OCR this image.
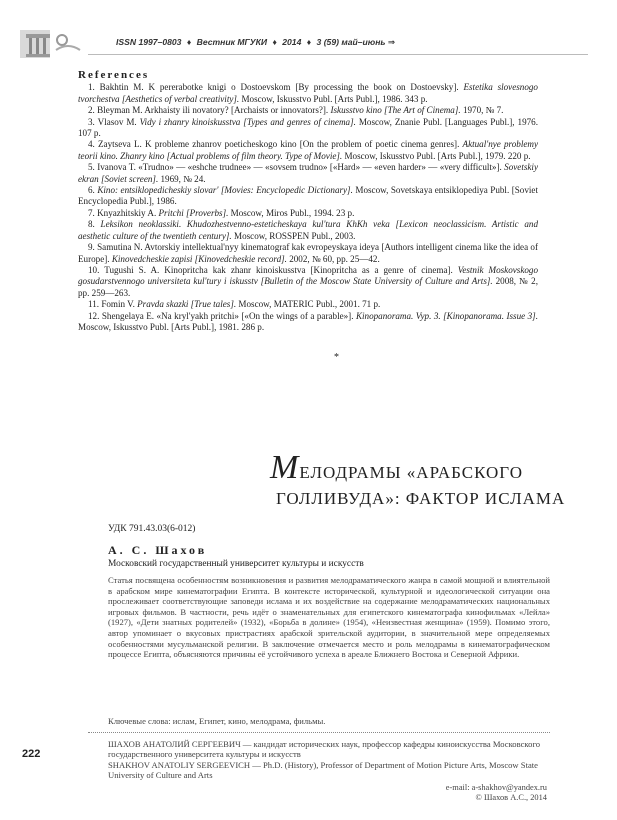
ISSN 1997–0803 ♦ Вестник МГУКИ ♦ 2014 ♦ 3 (59) май–июнь ⇒
References
1. Bakhtin M. K pererabotke knigi o Dostoevskom [By processing the book on Dostoevsky]. Estetika slovesnogo tvorchestva [Aesthetics of verbal creativity]. Moscow, Iskusstvo Publ. [Arts Publ.], 1986. 343 p.
2. Bleyman M. Arkhaisty ili novatory? [Archaists or innovators?]. Iskusstvo kino [The Art of Cinema]. 1970, № 7.
3. Vlasov M. Vidy i zhanry kinoiskusstva [Types and genres of cinema]. Moscow, Znanie Publ. [Languages Publ.], 1976. 107 p.
4. Zaytseva L. K probleme zhanrov poeticheskogo kino [On the problem of poetic cinema genres]. Aktual'nye problemy teorii kino. Zhanry kino [Actual problems of film theory. Type of Movie]. Moscow, Iskusstvo Publ. [Arts Publ.], 1979. 220 p.
5. Ivanova T. «Trudno» — «eshche trudnee» — «sovsem trudno» [«Hard» — «even harder» — «very difficult»]. Sovetskiy ekran [Soviet screen]. 1969, № 24.
6. Kino: entsiklopedicheskiy slovar' [Movies: Encyclopedic Dictionary]. Moscow, Sovetskaya entsiklopediya Publ. [Soviet Encyclopedia Publ.], 1986.
7. Knyazhitskiy A. Pritchi [Proverbs]. Moscow, Miros Publ., 1994. 23 p.
8. Leksikon neoklassiki. Khudozhestvenno-esteticheskaya kul'tura KhKh veka [Lexicon neoclassicism. Artistic and aesthetic culture of the twentieth century]. Moscow, ROSSPEN Publ., 2003.
9. Samutina N. Avtorskiy intellektual'nyy kinematograf kak evropeyskaya ideya [Authors intelligent cinema like the idea of Europe]. Kinovedcheskie zapisi [Kinovedcheskie record]. 2002, № 60, pp. 25—42.
10. Tugushi S. A. Kinopritcha kak zhanr kinoiskusstva [Kinopritcha as a genre of cinema]. Vestnik Moskovskogo gosudarstvennogo universiteta kul'tury i iskusstv [Bulletin of the Moscow State University of Culture and Arts]. 2008, № 2, pp. 259—263.
11. Fomin V. Pravda skazki [True tales]. Moscow, MATERIC Publ., 2001. 71 p.
12. Shengelaya E. «Na kryl'yakh pritchi» [«On the wings of a parable»]. Kinopanorama. Vyp. 3. [Kinopanorama. Issue 3]. Moscow, Iskusstvo Publ. [Arts Publ.], 1981. 286 p.
*
МЕЛОДРАМЫ «АРАБСКОГО
ГОЛЛИВУДА»: ФАКТОР ИСЛАМА
УДК 791.43.03(6-012)
А. С. Шахов
Московский государственный университет культуры и искусств
Статья посвящена особенностям возникновения и развития мелодраматического жанра в самой мощной и влиятельной в арабском мире кинематографии Египта. В контексте исторической, культурной и идеологической ситуации она прослеживает соответствующие заповеди ислама и их воздействие на содержание мелодраматических национальных игровых фильмов. В частности, речь идёт о знаменательных для египетского кинематографа кинофильмах «Лейла» (1927), «Дети знатных родителей» (1932), «Борьба в долине» (1954), «Неизвестная женщина» (1959). Помимо этого, автор упоминает о вкусовых пристрастиях арабской зрительской аудитории, в значительной мере определяемых особенностями мусульманской религии. В заключение отмечается место и роль мелодрамы в кинематографическом процессе Египта, объясняются причины её устойчивого успеха в ареале Ближнего Востока и Северной Африки.
Ключевые слова: ислам, Египет, кино, мелодрама, фильмы.
ШАХОВ АНАТОЛИЙ СЕРГЕЕВИЧ — кандидат исторических наук, профессор кафедры киноискусства Московского государственного университета культуры и искусств
SHAKHOV ANATOLIY SERGEEVICH — Ph.D. (History), Professor of Department of Motion Picture Arts, Moscow State University of Culture and Arts
222
e-mail: a-shakhov@yandex.ru
© Шахов А.С., 2014
